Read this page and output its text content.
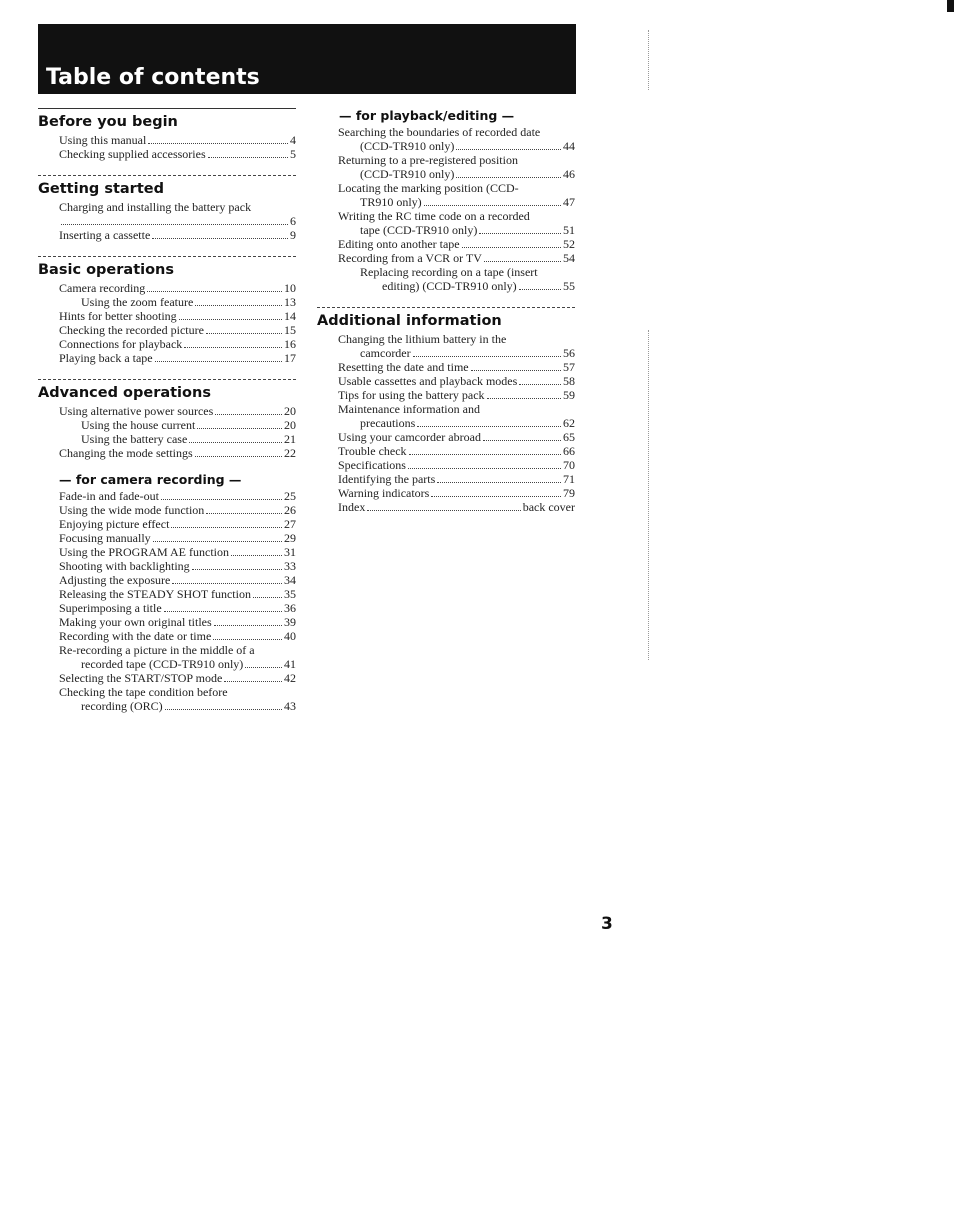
Table of contents
Before you begin
Using this manual	4
Checking supplied accessories	5
Getting started
Charging and installing the battery pack
6
Inserting a cassette	9
Basic operations
Camera recording	10
Using the zoom feature	13
Hints for better shooting	14
Checking the recorded picture	15
Connections for playback	16
Playing back a tape	17
Advanced operations
Using alternative power sources	20
Using the house current	20
Using the battery case	21
Changing the mode settings	22
— for camera recording —
Fade-in and fade-out	25
Using the wide mode function	26
Enjoying picture effect	27
Focusing manually	29
Using the PROGRAM AE function	31
Shooting with backlighting	33
Adjusting the exposure	34
Releasing the STEADY SHOT function	35
Superimposing a title	36
Making your own original titles	39
Recording with the date or time	40
Re-recording a picture in the middle of a
recorded tape (CCD-TR910 only)	41
Selecting the START/STOP mode	42
Checking the tape condition before
recording (ORC)	43
— for playback/editing —
Searching the boundaries of recorded date
(CCD-TR910 only)	44
Returning to a pre-registered position
(CCD-TR910 only)	46
Locating the marking position (CCD-
TR910 only)	47
Writing the RC time code on a recorded
tape (CCD-TR910 only)	51
Editing onto another tape	52
Recording from a VCR or TV	54
Replacing recording on a tape (insert
editing) (CCD-TR910 only)	55
Additional information
Changing the lithium battery in the
camcorder	56
Resetting the date and time	57
Usable cassettes and playback modes	58
Tips for using the battery pack	59
Maintenance information and
precautions	62
Using your camcorder abroad	65
Trouble check	66
Specifications	70
Identifying the parts	71
Warning indicators	79
Index	back cover
3
